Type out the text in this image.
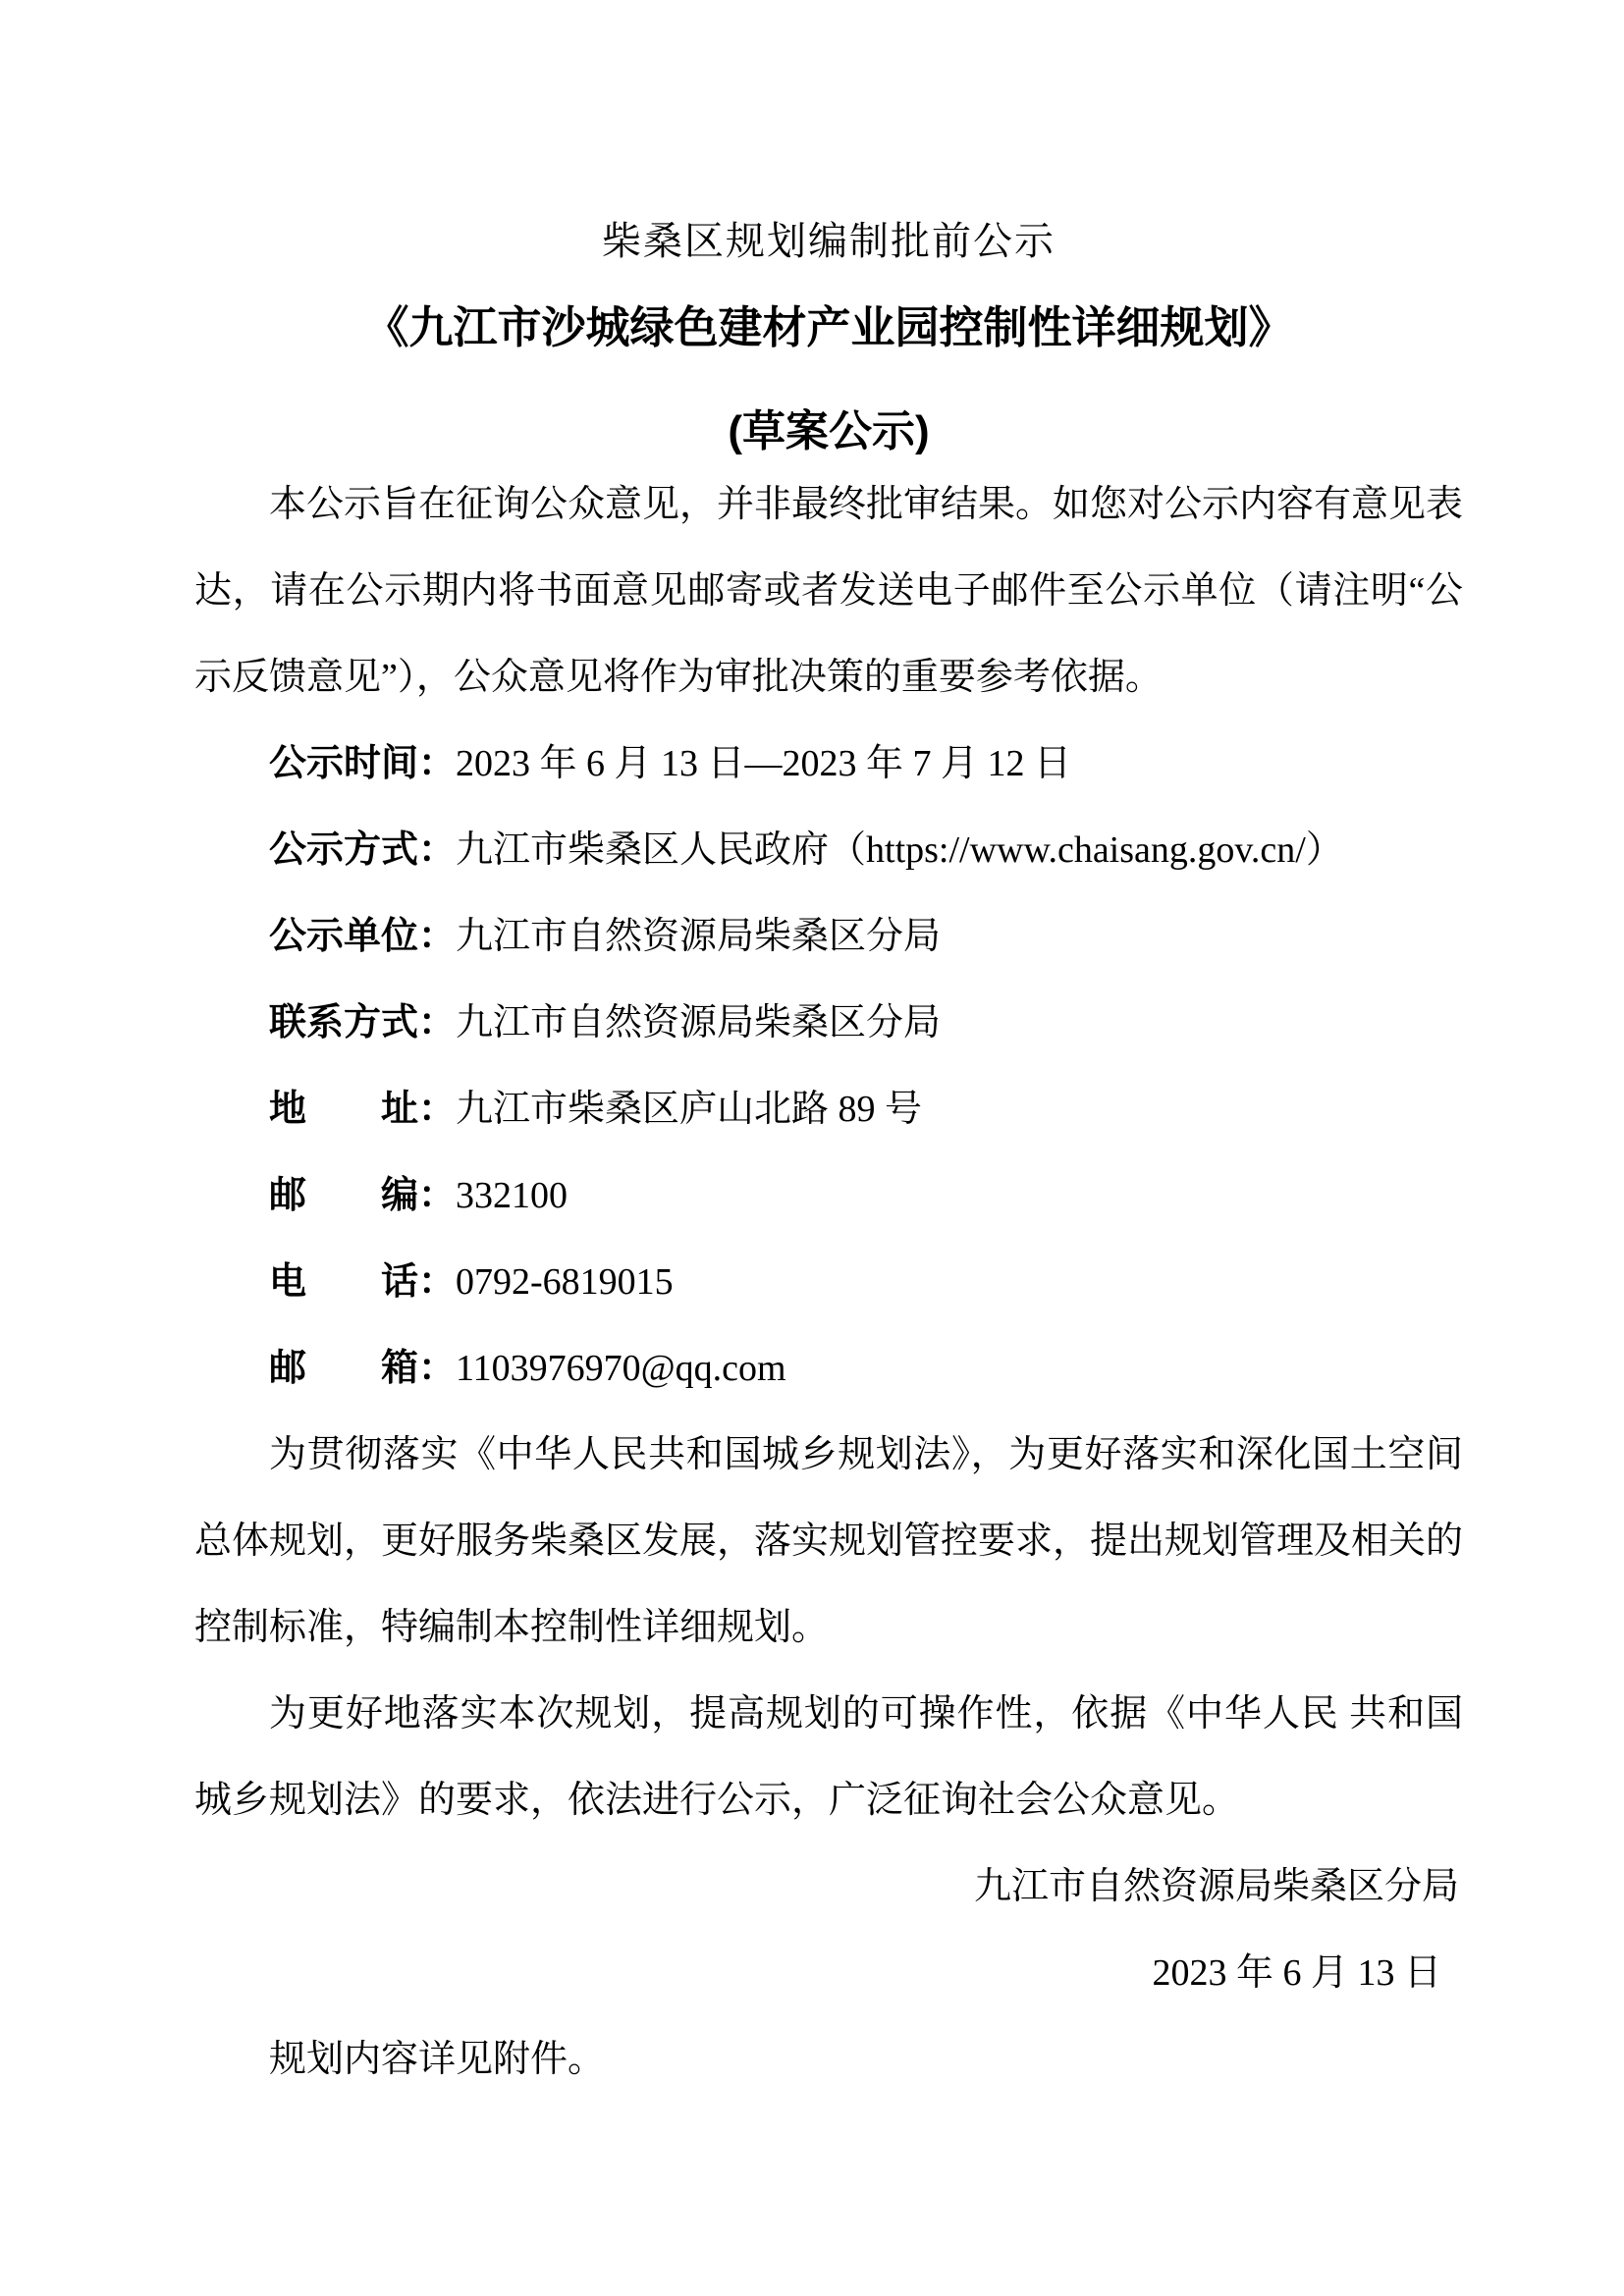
柴桑区规划编制批前公示
《九江市沙城绿色建材产业园控制性详细规划》
(草案公示)

本公示旨在征询公众意见，并非最终批审结果。如您对公示内容有意见表达，请在公示期内将书面意见邮寄或者发送电子邮件至公示单位（请注明“公示反馈意见”），公众意见将作为审批决策的重要参考依据。

公示时间：2023 年 6 月 13 日—2023 年 7 月 12 日
公示方式：九江市柴桑区人民政府（https://www.chaisang.gov.cn/）
公示单位：九江市自然资源局柴桑区分局
联系方式：九江市自然资源局柴桑区分局
地　　址：九江市柴桑区庐山北路 89 号
邮　　编：332100
电　　话：0792-6819015
邮　　箱：1103976970@qq.com

为贯彻落实《中华人民共和国城乡规划法》，为更好落实和深化国土空间总体规划，更好服务柴桑区发展，落实规划管控要求，提出规划管理及相关的控制标准，特编制本控制性详细规划。

为更好地落实本次规划，提高规划的可操作性，依据《中华人民 共和国城乡规划法》的要求，依法进行公示，广泛征询社会公众意见。

九江市自然资源局柴桑区分局
2023 年 6 月 13 日

规划内容详见附件。
